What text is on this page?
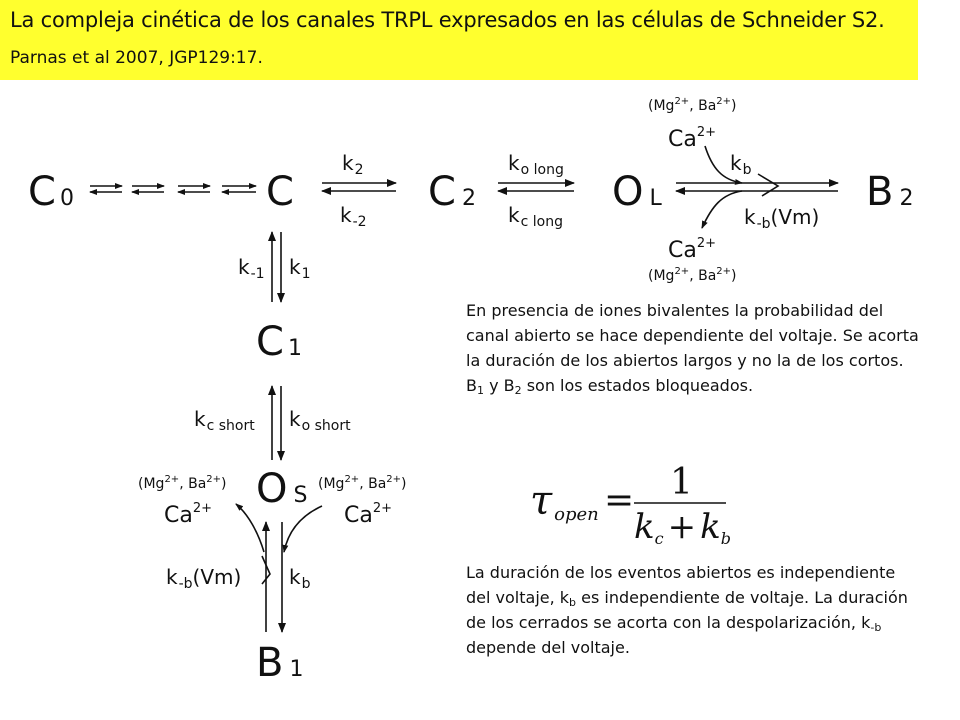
La compleja cinética de los canales TRPL expresados en las células de Schneider S2.
Parnas et al 2007, JGP129:17.
C 0	C	C 2	O L	B 2
$k_2$
$k_{-2}$
$k_{o long}$
$k_{c long}$
$k_b$
$k_{-b}(Vm)$
($Mg^{2+}$, $Ba^{2+}$)
$Ca^{2+}$
$Ca^{2+}$
($Mg^{2+}$, $Ba^{2+}$)
$k_{-1}$ $k_1$
C 1
$k_{c short}$ $k_{o short}$
O S
($Mg^{2+}$, $Ba^{2+}$)	($Mg^{2+}$, $Ba^{2+}$)
$Ca^{2+}$	$Ca^{2+}$
$k_{-b}(Vm)$ $k_b$
B 1
τopen = 1
kc + kb
En presencia de iones bivalentes la probabilidad del canal abierto se hace dependiente del voltaje. Se acorta la duración de los abiertos largos y no la de los cortos. $B_1$ y $B_2$ son los estados bloqueados.
La duración de los eventos abiertos es independiente del voltaje, $k_b$ es independiente de voltaje. La duración de los cerrados se acorta con la despolarización, $k_{-b}$ depende del voltaje.
